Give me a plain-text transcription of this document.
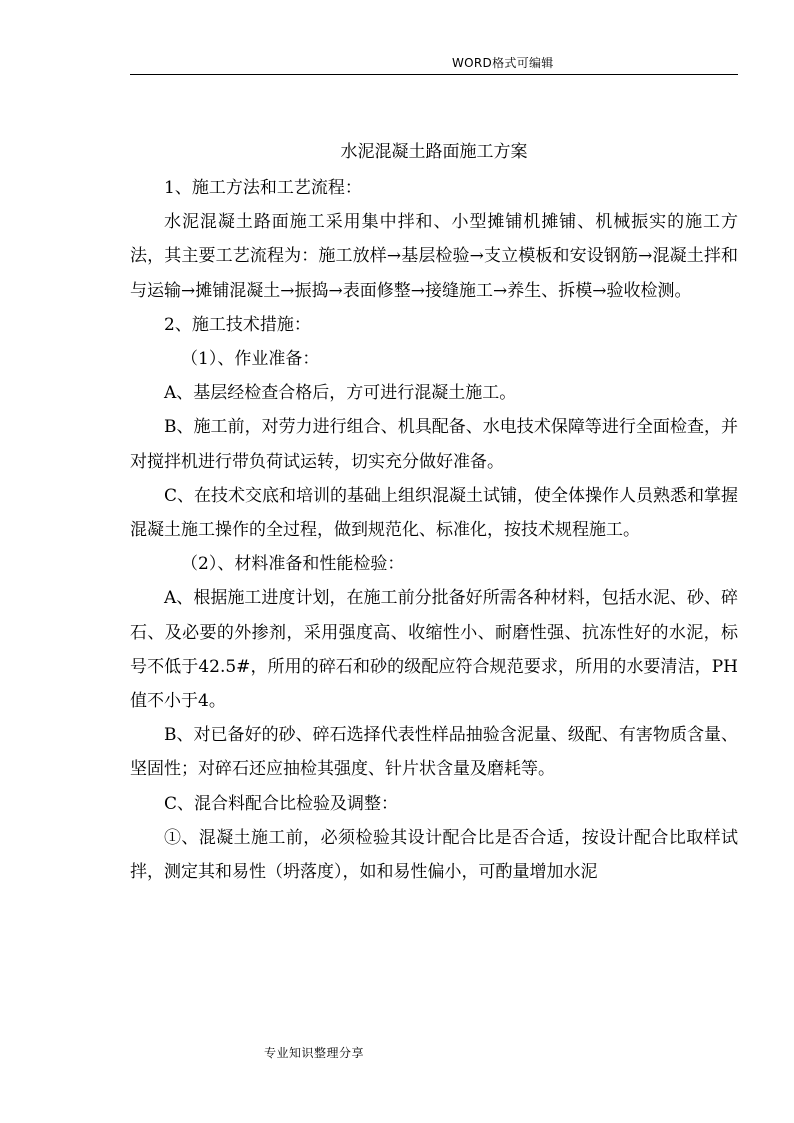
WORD格式可编辑
水泥混凝土路面施工方案

1、施工方法和工艺流程：

水泥混凝土路面施工采用集中拌和、小型摊铺机摊铺、机械振实的施工方法，其主要工艺流程为：施工放样→基层检验→支立模板和安设钢筋→混凝土拌和与运输→摊铺混凝土→振捣→表面修整→接缝施工→养生、拆模→验收检测。

2、施工技术措施：

（1）、作业准备：

A、基层经检查合格后，方可进行混凝土施工。

B、施工前，对劳力进行组合、机具配备、水电技术保障等进行全面检查，并对搅拌机进行带负荷试运转，切实充分做好准备。

C、在技术交底和培训的基础上组织混凝土试铺，使全体操作人员熟悉和掌握混凝土施工操作的全过程，做到规范化、标准化，按技术规程施工。

（2）、材料准备和性能检验：

A、根据施工进度计划，在施工前分批备好所需各种材料，包括水泥、砂、碎石、及必要的外掺剂，采用强度高、收缩性小、耐磨性强、抗冻性好的水泥，标号不低于42.5#，所用的碎石和砂的级配应符合规范要求，所用的水要清洁，PH值不小于4。

B、对已备好的砂、碎石选择代表性样品抽验含泥量、级配、有害物质含量、坚固性；对碎石还应抽检其强度、针片状含量及磨耗等。

C、混合料配合比检验及调整：

①、混凝土施工前，必须检验其设计配合比是否合适，按设计配合比取样试拌，测定其和易性（坍落度），如和易性偏小，可酌量增加水泥

专业知识整理分享
